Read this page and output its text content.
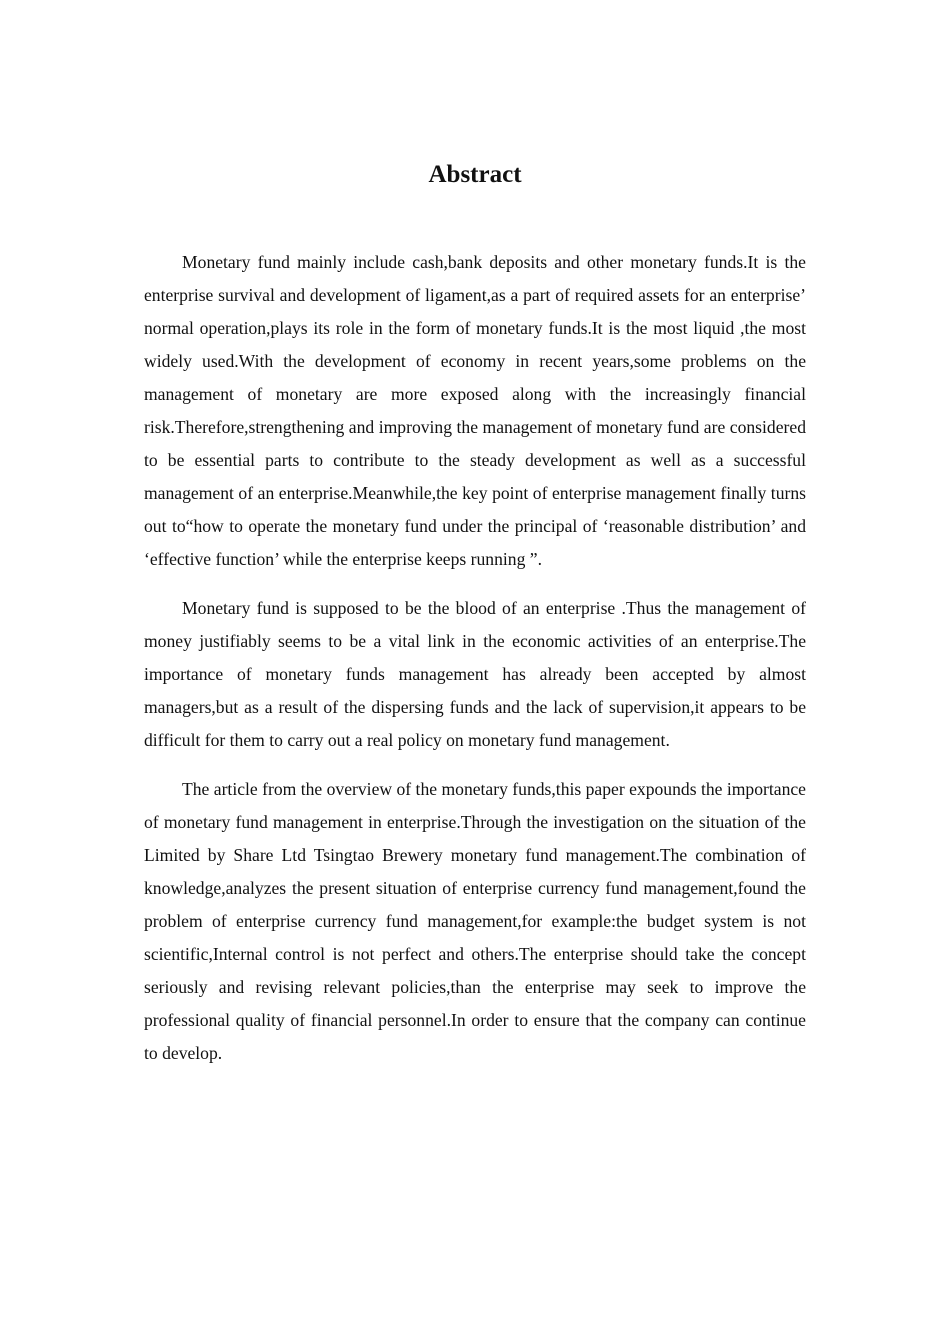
Abstract

Monetary fund mainly include cash,bank deposits and other monetary funds.It is the enterprise survival and development of ligament,as a part of required assets for an enterprise’ normal operation,plays its role in the form of monetary funds.It is the most liquid ,the most widely used.With the development of economy in recent years,some problems on the management of monetary are more exposed along with the increasingly financial risk.Therefore,strengthening and improving the management of monetary fund are considered to be essential parts to contribute to the steady development as well as a successful management of an enterprise.Meanwhile,the key point of enterprise management finally turns out to“how to operate the monetary fund under the principal of ‘reasonable distribution’ and ‘effective function’ while the enterprise keeps running ”.

Monetary fund is supposed to be the blood of an enterprise .Thus the management of money justifiably seems to be a vital link in the economic activities of an enterprise.The importance of monetary funds management has already been accepted by almost managers,but as a result of the dispersing funds and the lack of supervision,it appears to be difficult for them to carry out a real policy on monetary fund management.

The article from the overview of the monetary funds,this paper expounds the importance of monetary fund management in enterprise.Through the investigation on the situation of the Limited by Share Ltd Tsingtao Brewery monetary fund management.The combination of knowledge,analyzes the present situation of enterprise currency fund management,found the problem of enterprise currency fund management,for example:the budget system is not scientific,Internal control is not perfect and others.The enterprise should take the concept seriously and revising relevant policies,than the enterprise may seek to improve the professional quality of financial personnel.In order to ensure that the company can continue to develop.
